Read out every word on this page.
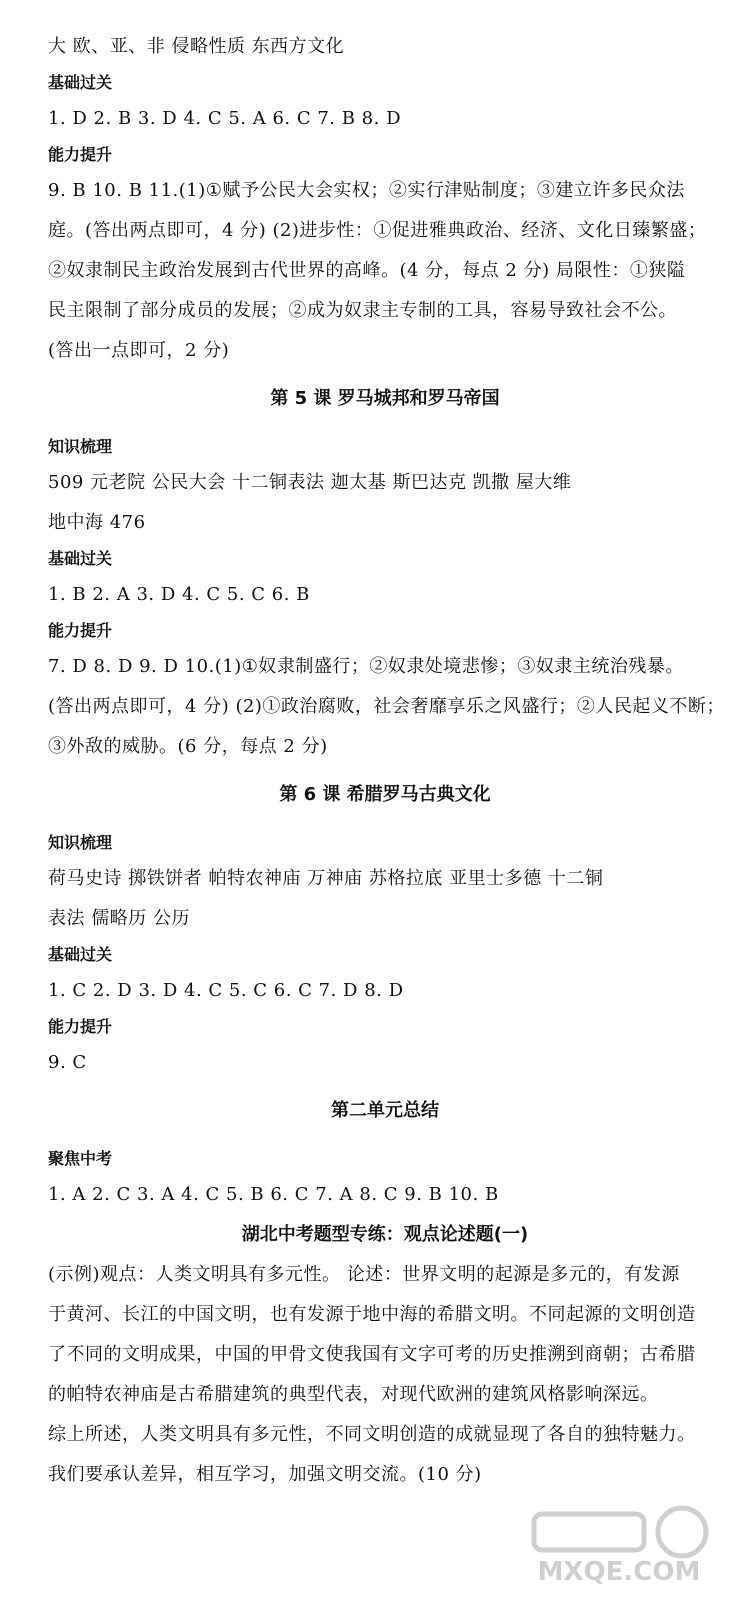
大 欧、亚、非 侵略性质 东西方文化
基础过关
1. D 2. B 3. D 4. C 5. A 6. C 7. B 8. D
能力提升
9. B 10. B 11.(1)①赋予公民大会实权；②实行津贴制度；③建立许多民众法
庭。(答出两点即可，4 分) (2)进步性：①促进雅典政治、经济、文化日臻繁盛；
②奴隶制民主政治发展到古代世界的高峰。(4 分，每点 2 分) 局限性：①狭隘
民主限制了部分成员的发展；②成为奴隶主专制的工具，容易导致社会不公。
(答出一点即可，2 分)
第 5 课 罗马城邦和罗马帝国
知识梳理
509 元老院 公民大会 十二铜表法 迦太基 斯巴达克 凯撒 屋大维
地中海 476
基础过关
1. B 2. A 3. D 4. C 5. C 6. B
能力提升
7. D 8. D 9. D 10.(1)①奴隶制盛行；②奴隶处境悲惨；③奴隶主统治残暴。
(答出两点即可，4 分) (2)①政治腐败，社会奢靡享乐之风盛行；②人民起义不断；
③外敌的威胁。(6 分，每点 2 分)
第 6 课 希腊罗马古典文化
知识梳理
荷马史诗 掷铁饼者 帕特农神庙 万神庙 苏格拉底 亚里士多德 十二铜
表法 儒略历 公历
基础过关
1. C 2. D 3. D 4. C 5. C 6. C 7. D 8. D
能力提升
9. C
第二单元总结
聚焦中考
1. A 2. C 3. A 4. C 5. B 6. C 7. A 8. C 9. B 10. B
湖北中考题型专练：观点论述题(一)
(示例)观点：人类文明具有多元性。 论述：世界文明的起源是多元的，有发源
于黄河、长江的中国文明，也有发源于地中海的希腊文明。不同起源的文明创造
了不同的文明成果，中国的甲骨文使我国有文字可考的历史推溯到商朝；古希腊
的帕特农神庙是古希腊建筑的典型代表，对现代欧洲的建筑风格影响深远。
综上所述，人类文明具有多元性，不同文明创造的成就显现了各自的独特魅力。
我们要承认差异，相互学习，加强文明交流。(10 分)
MXQE.COM
